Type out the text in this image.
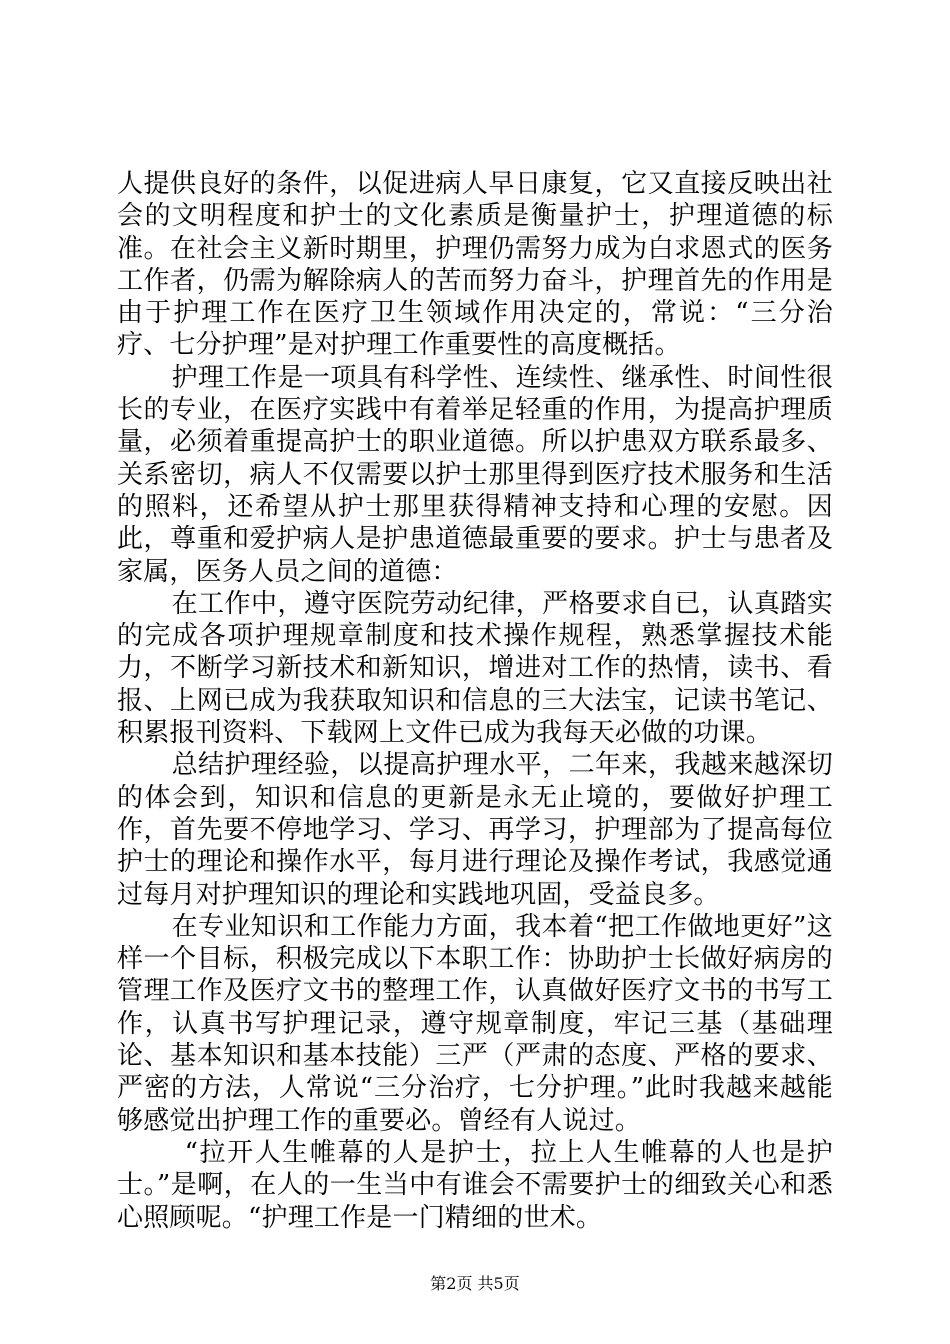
人提供良好的条件，以促进病人早日康复，它又直接反映出社会的文明程度和护士的文化素质是衡量护士，护理道德的标准。在社会主义新时期里，护理仍需努力成为白求恩式的医务工作者，仍需为解除病人的苦而努力奋斗，护理首先的作用是由于护理工作在医疗卫生领域作用决定的，常说：“三分治疗、七分护理”是对护理工作重要性的高度概括。

护理工作是一项具有科学性、连续性、继承性、时间性很长的专业，在医疗实践中有着举足轻重的作用，为提高护理质量，必须着重提高护士的职业道德。所以护患双方联系最多、关系密切，病人不仅需要以护士那里得到医疗技术服务和生活的照料，还希望从护士那里获得精神支持和心理的安慰。因此，尊重和爱护病人是护患道德最重要的要求。护士与患者及家属，医务人员之间的道德：

在工作中，遵守医院劳动纪律，严格要求自已，认真踏实的完成各项护理规章制度和技术操作规程，熟悉掌握技术能力，不断学习新技术和新知识，增进对工作的热情，读书、看报、上网已成为我获取知识和信息的三大法宝，记读书笔记、积累报刊资料、下载网上文件已成为我每天必做的功课。

总结护理经验，以提高护理水平，二年来，我越来越深切的体会到，知识和信息的更新是永无止境的，要做好护理工作，首先要不停地学习、学习、再学习，护理部为了提高每位护士的理论和操作水平，每月进行理论及操作考试，我感觉通过每月对护理知识的理论和实践地巩固，受益良多。

在专业知识和工作能力方面，我本着“把工作做地更好”这样一个目标，积极完成以下本职工作：协助护士长做好病房的管理工作及医疗文书的整理工作，认真做好医疗文书的书写工作，认真书写护理记录，遵守规章制度，牢记三基（基础理论、基本知识和基本技能）三严（严肃的态度、严格的要求、严密的方法，人常说“三分治疗，七分护理。”此时我越来越能够感觉出护理工作的重要必。曾经有人说过。

“拉开人生帷幕的人是护士，拉上人生帷幕的人也是护士。”是啊，在人的一生当中有谁会不需要护士的细致关心和悉心照顾呢。“护理工作是一门精细的世术。

第2页 共5页
